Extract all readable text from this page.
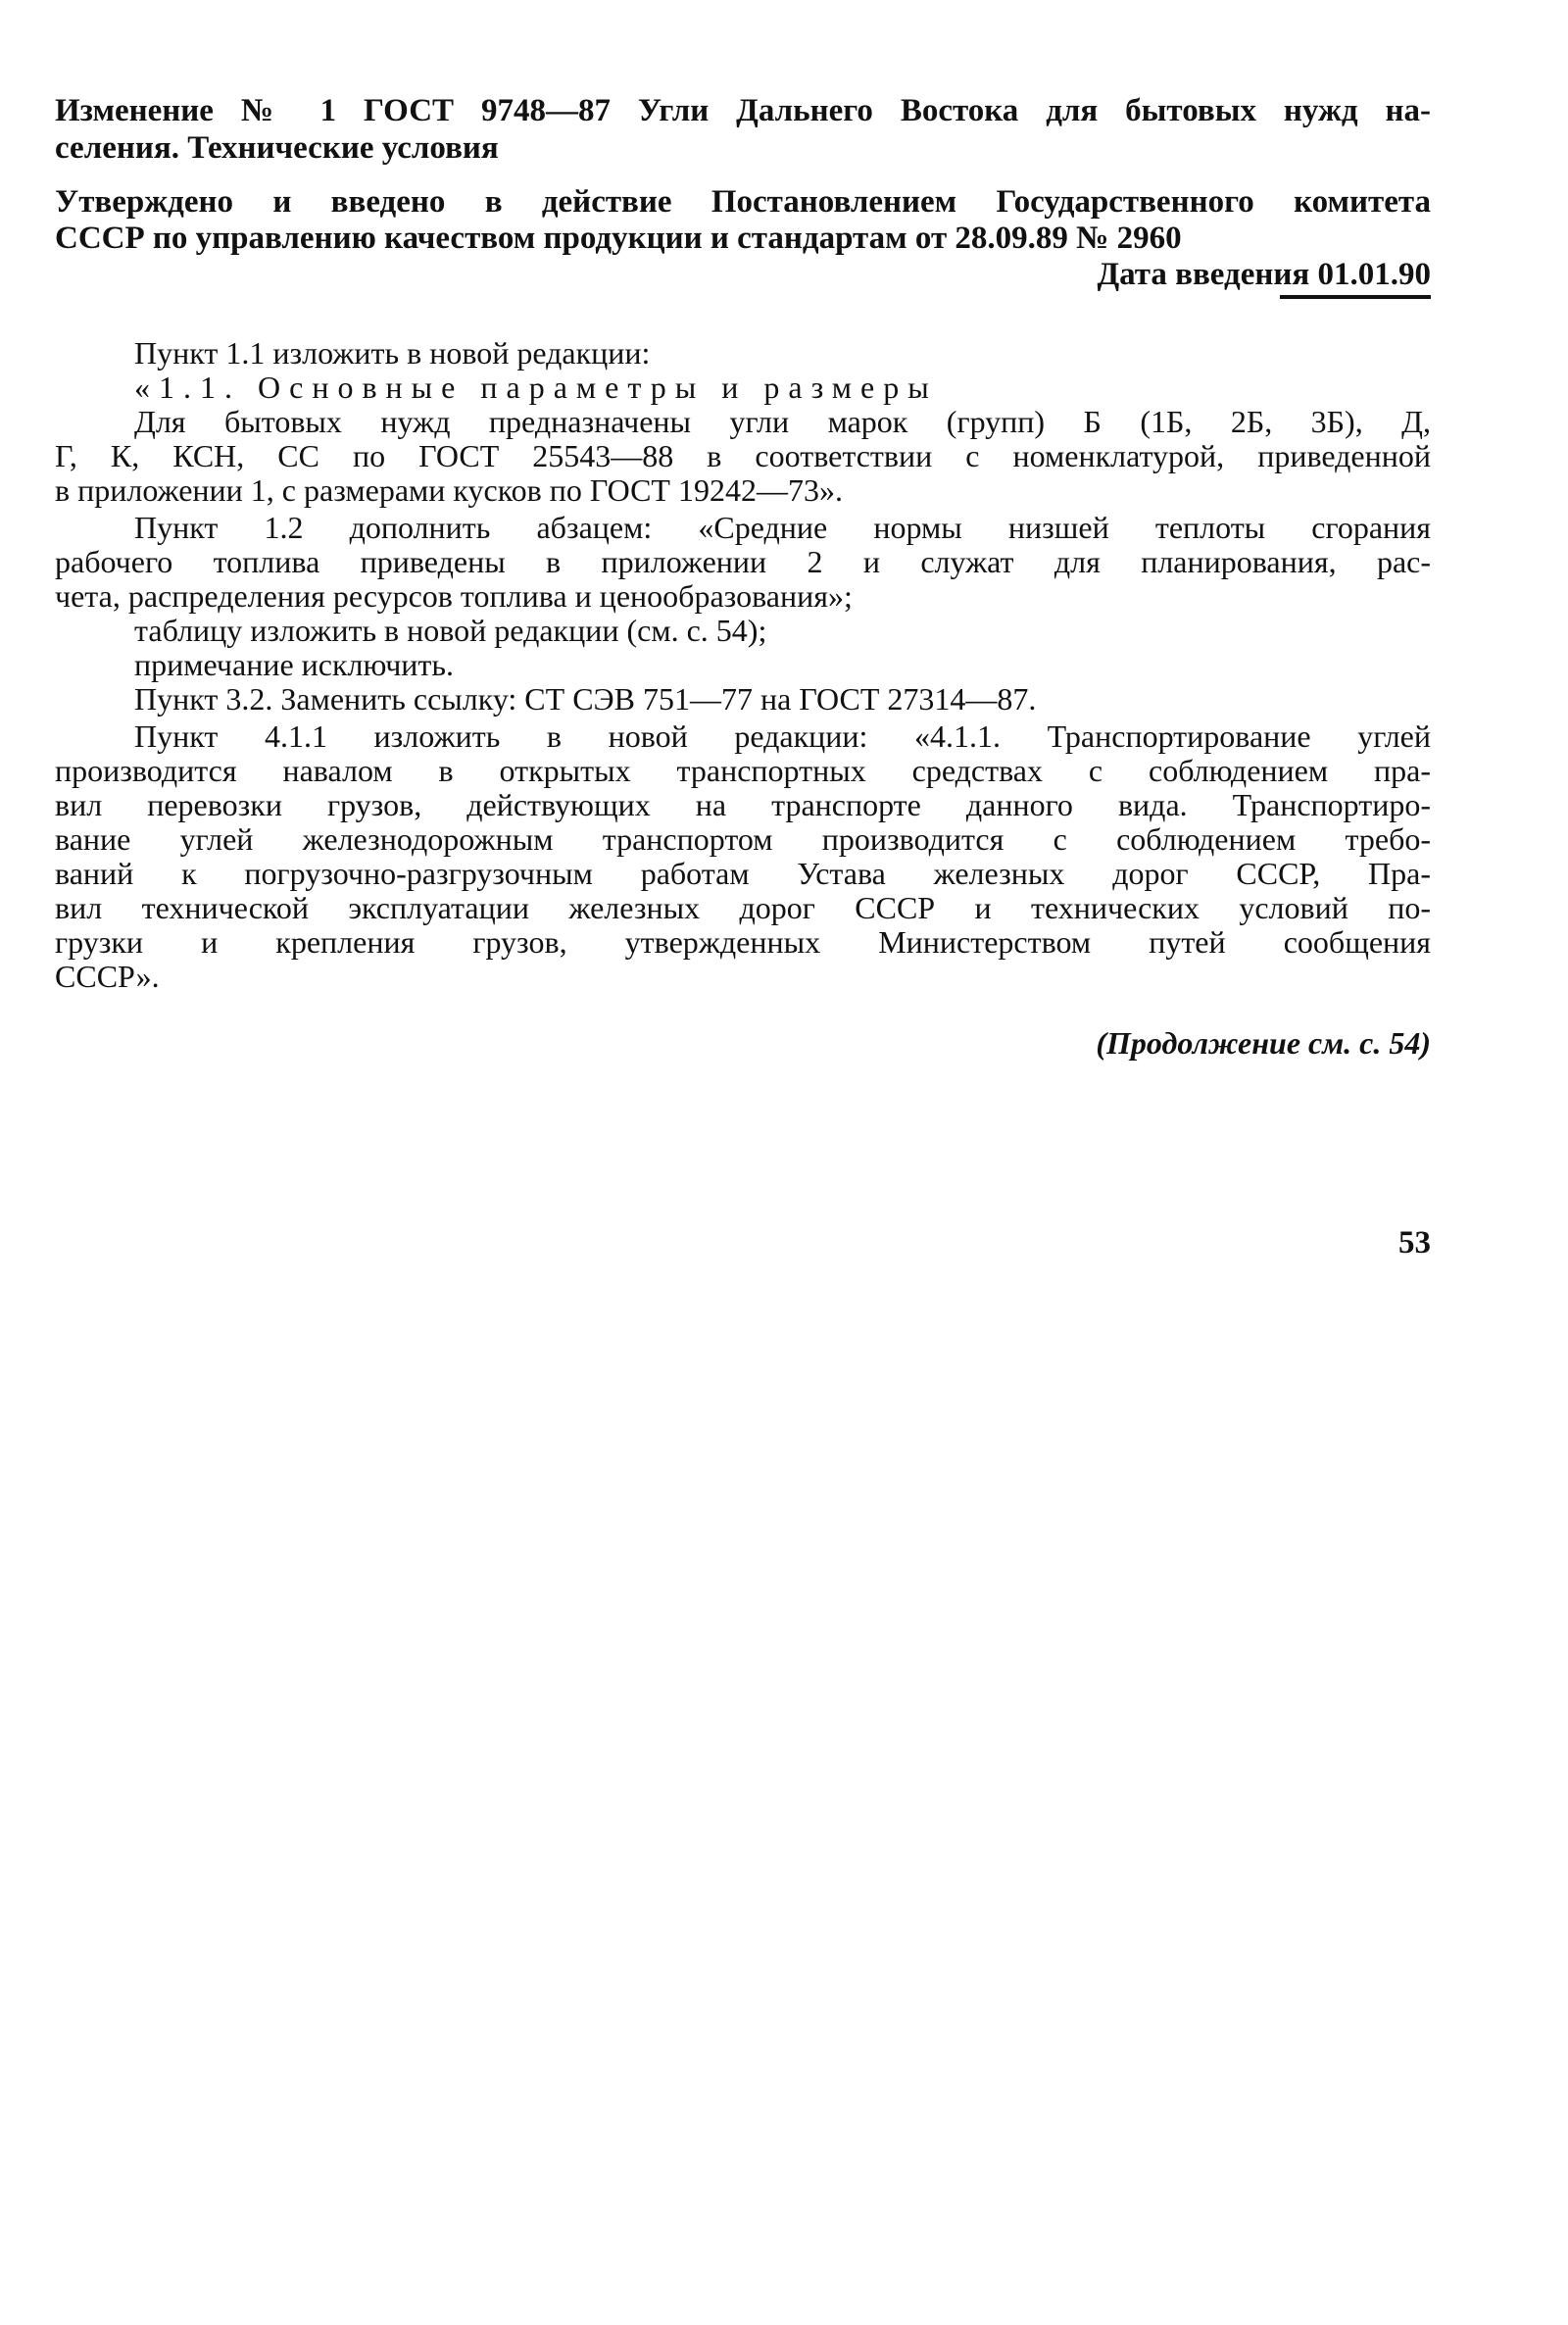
Изменение № 1 ГОСТ 9748—87 Угли Дальнего Востока для бытовых нужд на-
селения. Технические условия
Утверждено и введено в действие Постановлением Государственного комитета
СССР по управлению качеством продукции и стандартам от 28.09.89 № 2960
Дата введения 01.01.90
Пункт 1.1 изложить в новой редакции:
«1.1. Основные параметры и размеры
Для бытовых нужд предназначены угли марок (групп) Б (1Б, 2Б, 3Б), Д,
Г, К, КСН, СС по ГОСТ 25543—88 в соответствии с номенклатурой, приведенной
в приложении 1, с размерами кусков по ГОСТ 19242—73».
Пункт 1.2 дополнить абзацем: «Средние нормы низшей теплоты сгорания
рабочего топлива приведены в приложении 2 и служат для планирования, рас-
чета, распределения ресурсов топлива и ценообразования»;
таблицу изложить в новой редакции (см. с. 54);
примечание исключить.
Пункт 3.2. Заменить ссылку: СТ СЭВ 751—77 на ГОСТ 27314—87.
Пункт 4.1.1 изложить в новой редакции: «4.1.1. Транспортирование углей
производится навалом в открытых транспортных средствах с соблюдением пра-
вил перевозки грузов, действующих на транспорте данного вида. Транспортиро-
вание углей железнодорожным транспортом производится с соблюдением требо-
ваний к погрузочно-разгрузочным работам Устава железных дорог СССР, Пра-
вил технической эксплуатации железных дорог СССР и технических условий по-
грузки и крепления грузов, утвержденных Министерством путей сообщения
СССР».
(Продолжение см. с. 54)
53
